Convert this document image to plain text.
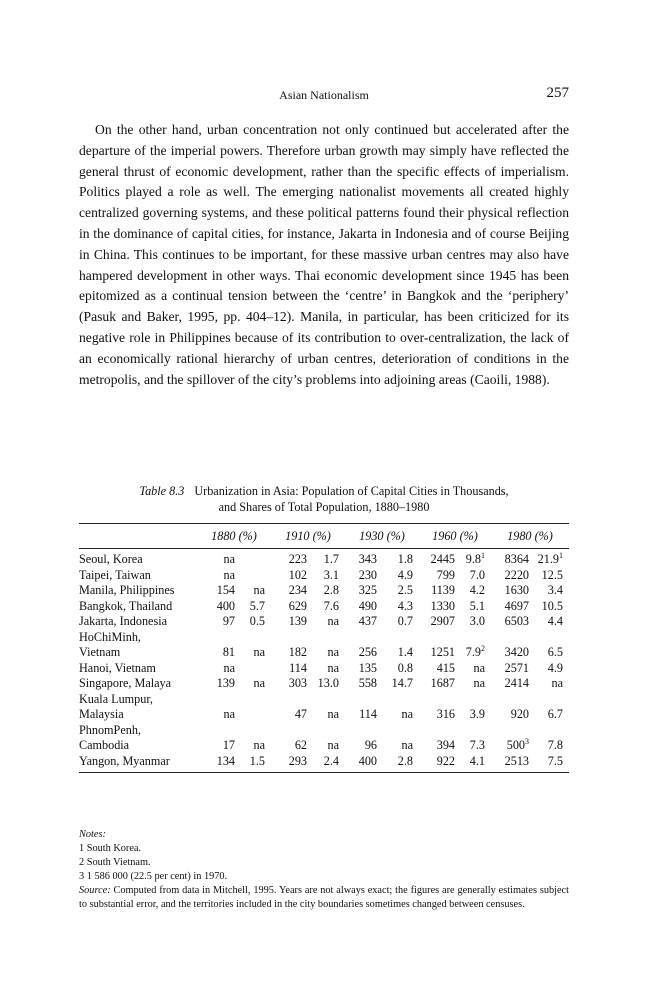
Asian Nationalism	257

On the other hand, urban concentration not only continued but accelerated after the departure of the imperial powers. Therefore urban growth may simply have reflected the general thrust of economic development, rather than the specific effects of imperialism. Politics played a role as well. The emerging nationalist movements all created highly centralized governing systems, and these political patterns found their physical reflection in the dominance of capital cities, for instance, Jakarta in Indonesia and of course Beijing in China. This continues to be important, for these massive urban centres may also have hampered development in other ways. Thai economic development since 1945 has been epitomized as a continual tension between the ‘centre’ in Bangkok and the ‘periphery’ (Pasuk and Baker, 1995, pp. 404–12). Manila, in particular, has been criticized for its negative role in Philippines because of its contribution to over-centralization, the lack of an economically rational hierarchy of urban centres, deterioration of conditions in the metropolis, and the spillover of the city’s problems into adjoining areas (Caoili, 1988).

Table 8.3 Urbanization in Asia: Population of Capital Cities in Thousands,
and Shares of Total Population, 1880–1980
	1880 (%)		1910 (%)		1930 (%)		1960 (%)		1980 (%)	
Seoul, Korea	na		223	1.7	343	1.8	2445	$9.8^1$	8364	21.9$^1$
Taipei, Taiwan	na		102	3.1	230	4.9	799	7.0	2220	12.5
Manila, Philippines	154	na	234	2.8	325	2.5	1139	4.2	1630	3.4
Bangkok, Thailand	400	5.7	629	7.6	490	4.3	1330	5.1	4697	10.5
Jakarta, Indonesia	97	0.5	139	na	437	0.7	2907	3.0	6503	4.4
HoChiMinh,										
Vietnam	81	na	182	na	256	1.4	1251	$7.9^2$	3420	6.5
Hanoi, Vietnam	na		114	na	135	0.8	415	na	2571	4.9
Singapore, Malaya	139	na	303	13.0	558	14.7	1687	na	2414	na
Kuala Lumpur,										
Malaysia	na		47	na	114	na	316	3.9	920	6.7
PhnomPenh,										
Cambodia	17	na	62	na	96	na	394	7.3	$500^3$	7.8
Yangon, Myanmar	134	1.5	293	2.4	400	2.8	922	4.1	2513	7.5

Notes:

1 South Korea.

2 South Vietnam.

3 1 586 000 (22.5 per cent) in 1970.

Source: Computed from data in Mitchell, 1995. Years are not always exact; the figures are generally estimates subject to substantial error, and the territories included in the city boundaries sometimes changed between censuses.
